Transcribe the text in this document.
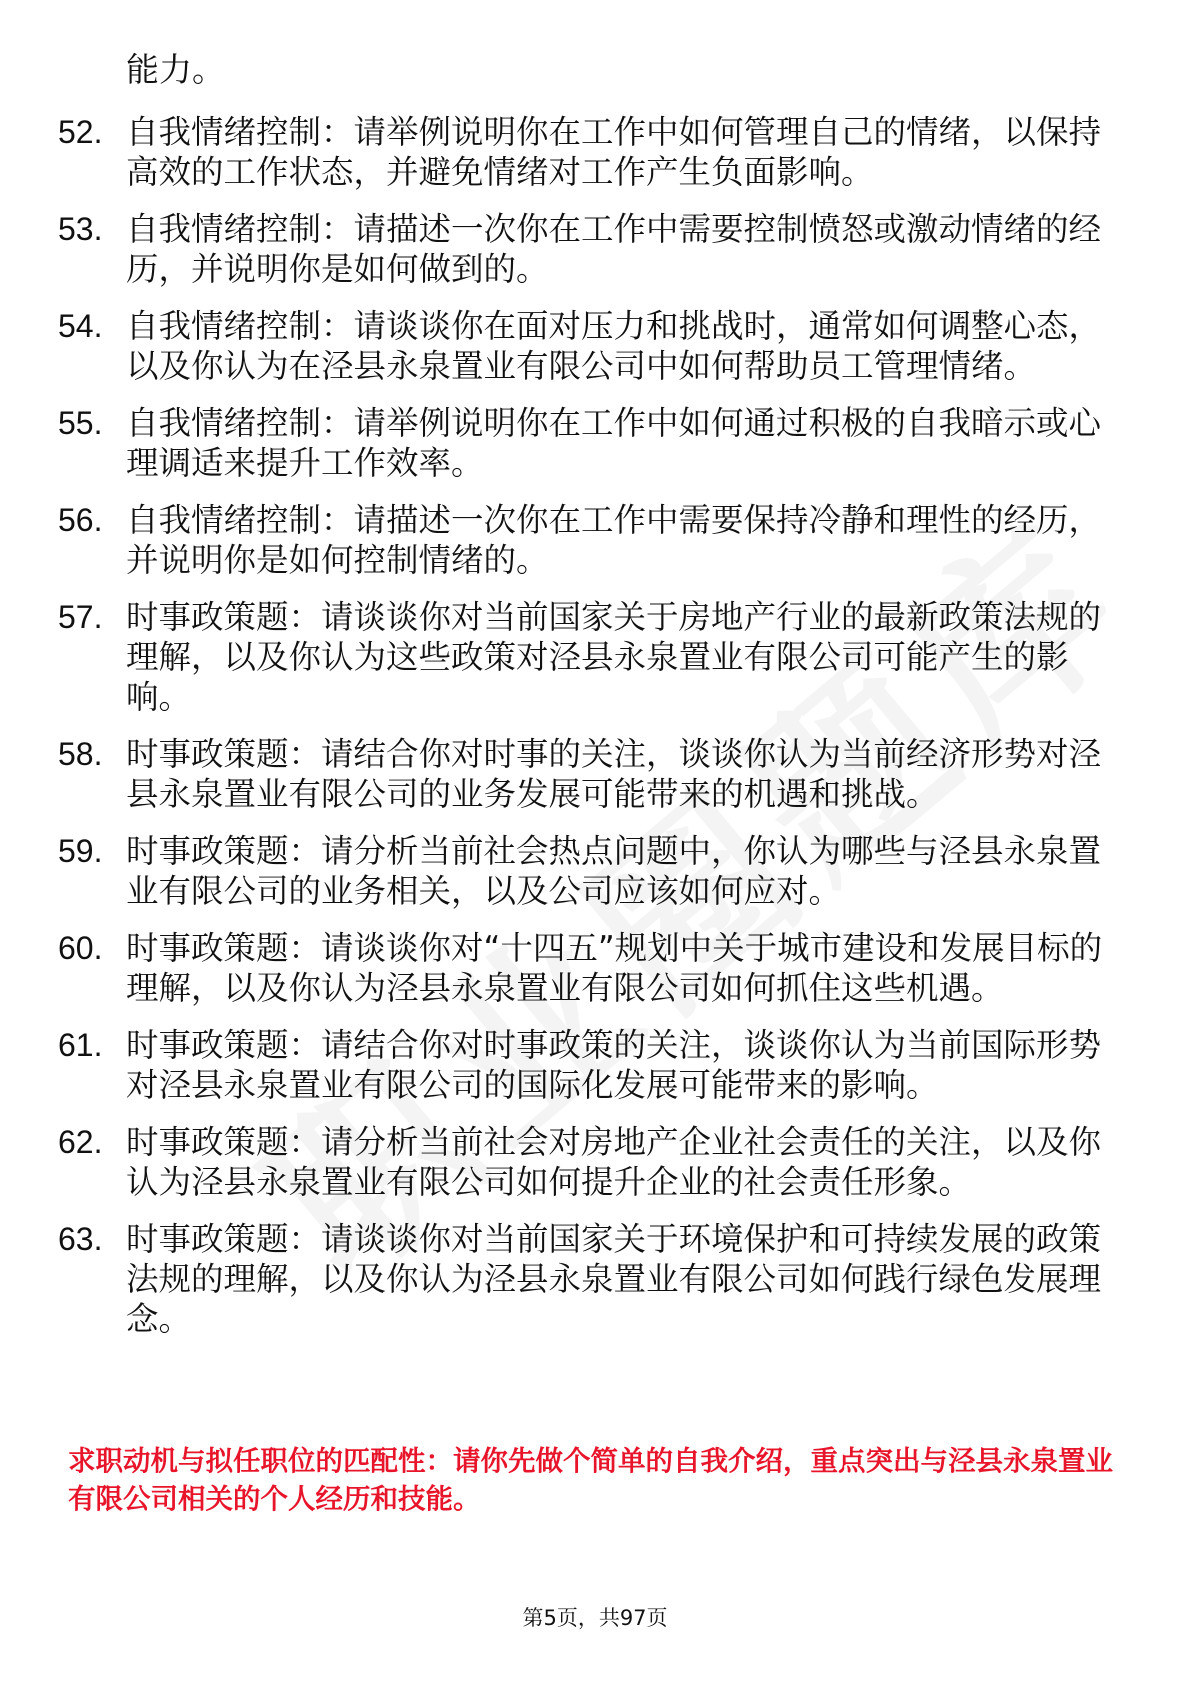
能力。
52. 自我情绪控制：请举例说明你在工作中如何管理自己的情绪，以保持高效的工作状态，并避免情绪对工作产生负面影响。
53. 自我情绪控制：请描述一次你在工作中需要控制愤怒或激动情绪的经历，并说明你是如何做到的。
54. 自我情绪控制：请谈谈你在面对压力和挑战时，通常如何调整心态，以及你认为在泾县永泉置业有限公司中如何帮助员工管理情绪。
55. 自我情绪控制：请举例说明你在工作中如何通过积极的自我暗示或心理调适来提升工作效率。
56. 自我情绪控制：请描述一次你在工作中需要保持冷静和理性的经历，并说明你是如何控制情绪的。
57. 时事政策题：请谈谈你对当前国家关于房地产行业的最新政策法规的理解，以及你认为这些政策对泾县永泉置业有限公司可能产生的影响。
58. 时事政策题：请结合你对时事的关注，谈谈你认为当前经济形势对泾县永泉置业有限公司的业务发展可能带来的机遇和挑战。
59. 时事政策题：请分析当前社会热点问题中，你认为哪些与泾县永泉置业有限公司的业务相关，以及公司应该如何应对。
60. 时事政策题：请谈谈你对“十四五”规划中关于城市建设和发展目标的理解，以及你认为泾县永泉置业有限公司如何抓住这些机遇。
61. 时事政策题：请结合你对时事政策的关注，谈谈你认为当前国际形势对泾县永泉置业有限公司的国际化发展可能带来的影响。
62. 时事政策题：请分析当前社会对房地产企业社会责任的关注，以及你认为泾县永泉置业有限公司如何提升企业的社会责任形象。
63. 时事政策题：请谈谈你对当前国家关于环境保护和可持续发展的政策法规的理解，以及你认为泾县永泉置业有限公司如何践行绿色发展理念。
求职动机与拟任职位的匹配性：请你先做个简单的自我介绍，重点突出与泾县永泉置业有限公司相关的个人经历和技能。
第5页，共97页
